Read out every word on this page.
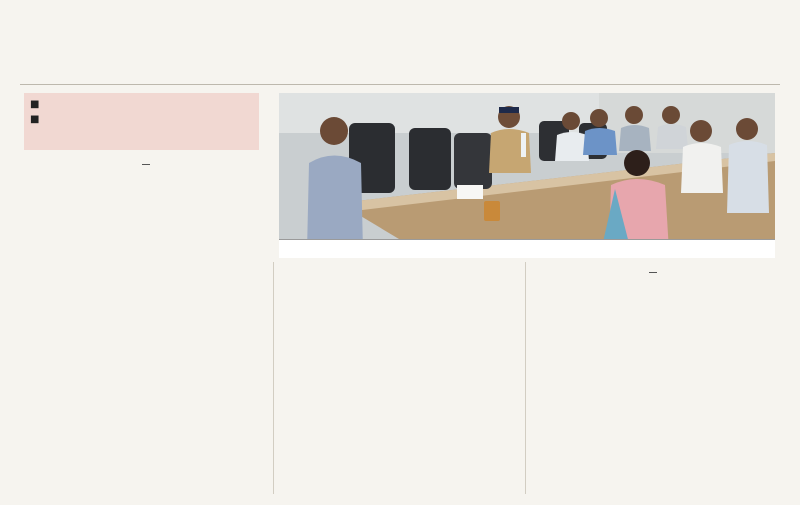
■
■
